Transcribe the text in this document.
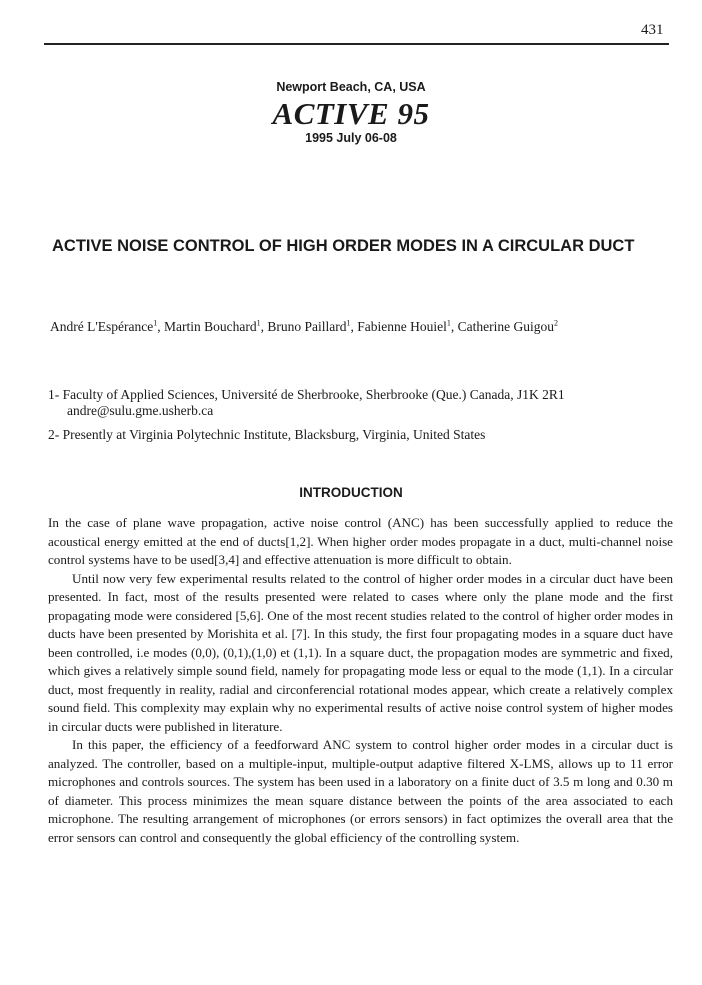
431
Newport Beach, CA, USA
ACTIVE 95
1995 July 06-08
ACTIVE NOISE CONTROL OF HIGH ORDER MODES IN A CIRCULAR DUCT
André L'Espérance$^1$, Martin Bouchard$^1$, Bruno Paillard$^1$, Fabienne Houiel$^1$, Catherine Guigou$^2$
1- Faculty of Applied Sciences, Université de Sherbrooke, Sherbrooke (Que.) Canada, J1K 2R1
andre@sulu.gme.usherb.ca
2- Presently at Virginia Polytechnic Institute, Blacksburg, Virginia, United States
INTRODUCTION

In the case of plane wave propagation, active noise control (ANC) has been successfully applied to reduce the acoustical energy emitted at the end of ducts[1,2]. When higher order modes propagate in a duct, multi-channel noise control systems have to be used[3,4] and effective attenuation is more difficult to obtain.

Until now very few experimental results related to the control of higher order modes in a circular duct have been presented. In fact, most of the results presented were related to cases where only the plane mode and the first propagating mode were considered [5,6]. One of the most recent studies related to the control of higher order modes in ducts have been presented by Morishita et al. [7]. In this study, the first four propagating modes in a square duct have been controlled, i.e modes (0,0), (0,1),(1,0) et (1,1). In a square duct, the propagation modes are symmetric and fixed, which gives a relatively simple sound field, namely for propagating mode less or equal to the mode (1,1). In a circular duct, most frequently in reality, radial and circonferencial rotational modes appear, which create a relatively complex sound field. This complexity may explain why no experimental results of active noise control system of higher modes in circular ducts were published in literature.

In this paper, the efficiency of a feedforward ANC system to control higher order modes in a circular duct is analyzed. The controller, based on a multiple-input, multiple-output adaptive filtered X-LMS, allows up to 11 error microphones and controls sources. The system has been used in a laboratory on a finite duct of 3.5 m long and 0.30 m of diameter. This process minimizes the mean square distance between the points of the area associated to each microphone. The resulting arrangement of microphones (or errors sensors) in fact optimizes the overall area that the error sensors can control and consequently the global efficiency of the controlling system.
